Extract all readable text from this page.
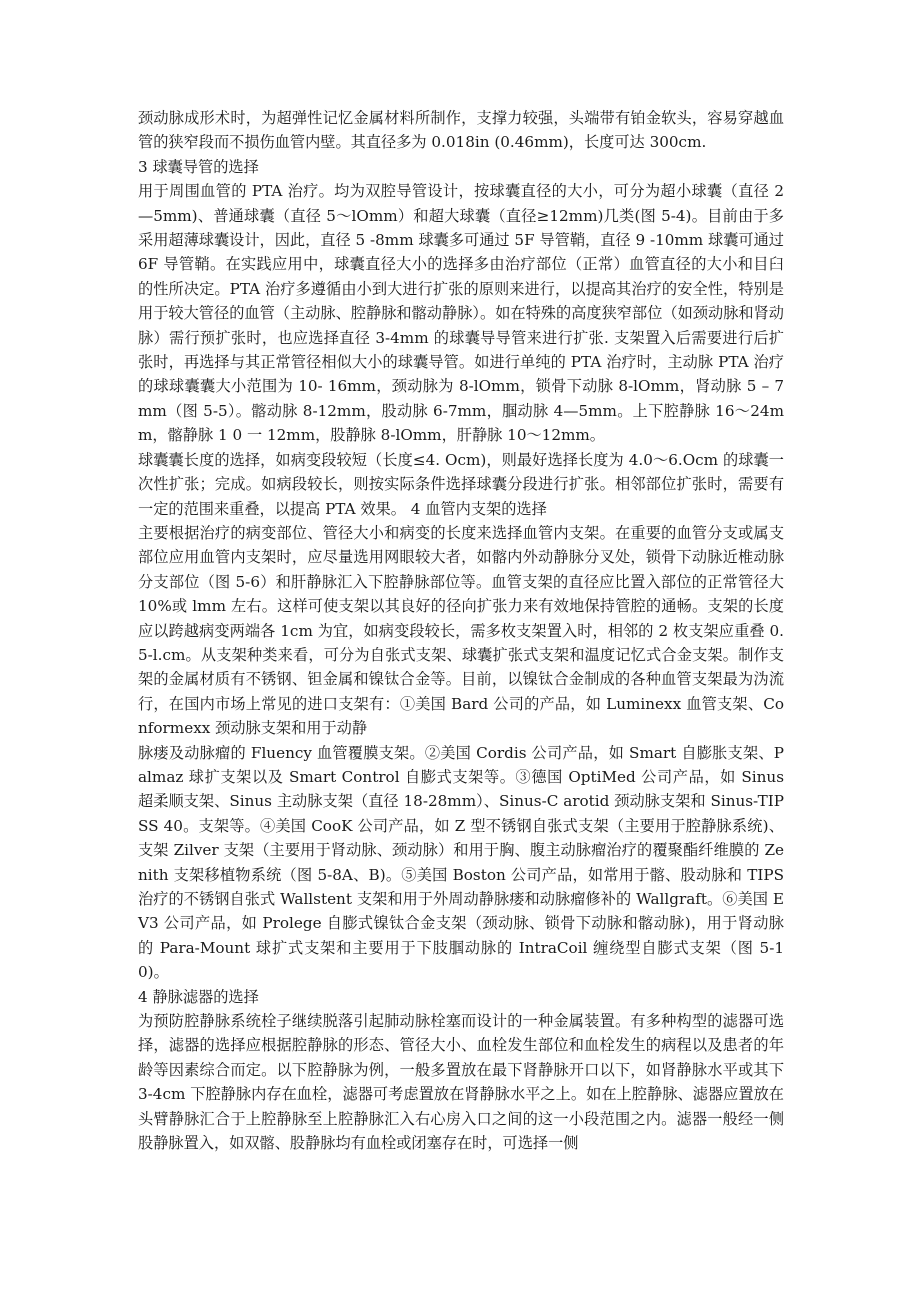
颈动脉成形术时，为超弹性记忆金属材料所制作，支撑力较强，头端带有铂金软头，容易穿越血管的狭窄段而不损伤血管内壁。其直径多为 0.018in (0.46mm)，长度可达 300cm.

3 球囊导管的选择

用于周围血管的 PTA 治疗。均为双腔导管设计，按球囊直径的大小，可分为超小球囊（直径 2—5mm)、普通球囊（直径 5～lOmm）和超大球囊（直径≥12mm)几类(图 5-4)。目前由于多采用超薄球囊设计，因此，直径 5 -8mm 球囊多可通过 5F 导管鞘，直径 9 -10mm 球囊可通过 6F 导管鞘。在实践应用中，球囊直径大小的选择多由治疗部位（正常）血管直径的大小和目臼的性所决定。PTA 治疗多遵循由小到大进行扩张的原则来进行，以提高其治疗的安全性，特别是用于较大管径的血管（主动脉、腔静脉和髂动静脉）。如在特殊的高度狭窄部位（如颈动脉和肾动脉）需行预扩张时，也应选择直径 3-4mm 的球囊导导管来进行扩张. 支架置入后需要进行后扩张时，再选择与其正常管径相似大小的球囊导管。如进行单纯的 PTA 治疗时，主动脉 PTA 治疗的球球囊囊大小范围为 10- 16mm，颈动脉为 8-lOmm，锁骨下动脉 8-lOmm，肾动脉 5 – 7mm（图 5-5）。髂动脉 8-12mm，股动脉 6-7mm，腘动脉 4—5mm。上下腔静脉 16～24mm，髂静脉 1 0 一 12mm，股静脉 8-lOmm，肝静脉 10～12mm。

球囊囊长度的选择，如病变段较短（长度≤4. Ocm)，则最好选择长度为 4.0～6.Ocm 的球囊一次性扩张；完成。如病段较长，则按实际条件选择球囊分段进行扩张。相邻部位扩张时，需要有一定的范围来重叠，以提高 PTA 效果。 4 血管内支架的选择

主要根据治疗的病变部位、管径大小和病变的长度来选择血管内支架。在重要的血管分支或属支部位应用血管内支架时，应尽量选用网眼较大者，如髂内外动静脉分叉处，锁骨下动脉近椎动脉分支部位（图 5-6）和肝静脉汇入下腔静脉部位等。血管支架的直径应比置入部位的正常管径大 10%或 lmm 左右。这样可使支架以其良好的径向扩张力来有效地保持管腔的通畅。支架的长度应以跨越病变两端各 1cm 为宜，如病变段较长，需多枚支架置入时，相邻的 2 枚支架应重叠 0.5-l.cm。从支架种类来看，可分为自张式支架、球囊扩张式支架和温度记忆式合金支架。制作支架的金属材质有不锈钢、钽金属和镍钛合金等。目前，以镍钛合金制成的各种血管支架最为沩流行，在国内市场上常见的进口支架有：①美国 Bard 公司的产品，如 Luminexx 血管支架、Conformexx 颈动脉支架和用于动静

脉瘘及动脉瘤的 Fluency 血管覆膜支架。②美国 Cordis 公司产品，如 Smart 自膨胀支架、Palmaz 球扩支架以及 Smart Control 自膨式支架等。③德国 OptiMed 公司产品，如 Sinus 超柔顺支架、Sinus 主动脉支架（直径 18-28mm）、Sinus-C arotid 颈动脉支架和 Sinus-TIPSS 40。支架等。④美国 CooK 公司产品，如 Z 型不锈钢自张式支架（主要用于腔静脉系统)、支架 Zilver 支架（主要用于肾动脉、颈动脉）和用于胸、腹主动脉瘤治疗的覆聚酯纤维膜的 Zenith 支架移植物系统（图 5-8A、B)。⑤美国 Boston 公司产品，如常用于髂、股动脉和 TIPS 治疗的不锈钢自张式 Wallstent 支架和用于外周动静脉瘘和动脉瘤修补的 Wallgraft。⑥美国 EV3 公司产品，如 Prolege 自膨式镍钛合金支架（颈动脉、锁骨下动脉和髂动脉)，用于肾动脉的 Para-Mount 球扩式支架和主要用于下肢腘动脉的 IntraCoil 缠绕型自膨式支架（图 5-10)。

4 静脉滤器的选择

为预防腔静脉系统栓子继续脱落引起肺动脉栓塞而设计的一种金属装置。有多种构型的滤器可选择，滤器的选择应根据腔静脉的形态、管径大小、血栓发生部位和血栓发生的病程以及患者的年龄等因素综合而定。以下腔静脉为例，一般多置放在最下肾静脉开口以下，如肾静脉水平或其下 3-4cm 下腔静脉内存在血栓，滤器可考虑置放在肾静脉水平之上。如在上腔静脉、滤器应置放在头臂静脉汇合于上腔静脉至上腔静脉汇入右心房入口之间的这一小段范围之内。滤器一般经一侧股静脉置入，如双髂、股静脉均有血栓或闭塞存在时，可选择一侧
